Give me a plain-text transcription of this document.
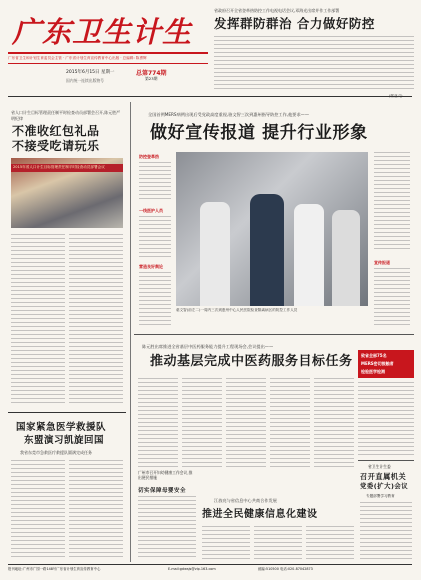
广东卫生计生
广东省卫生和计划生育委员会主管 · 广东省计划生育宣传教育中心出版 · 总编辑: 陈勇辉
2015年6月15日 星期一
国内统一连续出版物号
总第774期
第23期
省政府召开全省登革热防控工作电视电话会议,邓海光出席并作工作部署
发挥群防群治 合力做好防控
省人口计生目标管理责任制平时检查动员部署会召开,陈元胜严明纪律
不准收红包礼品
不接受吃请玩乐
2015年省人口计生目标管理责任制平时检查动员部署会议
国家紧急医学救援队
东盟演习凯旋回国
我省东莞市急救医疗救援队圆满完成任务
全国首例MERS病例出现后受党政高度重视,骆文智三次到惠州指导防控工作,他要求——
做好宣传报道 提升行业形象
防控登革热
一线医护人员
营造良好舆论
骆文智(前左二)一周内三次到惠州中心人民医院检查隔离病区的防控工作人员
宣传报道
陈元胜出席推进全省基层中医药服务能力提升工程现场会,会议提出——
推动基层完成中医药服务目标任务
广州市召开妇幼健康工作会议,推出便民措施
切实保障母婴安全
江放亮与省信息中心共商合作发展
推进全民健康信息化建设
致省全部75名
MERS密切接触者
检验医学检测
省卫生计生委
召开直属机关
党委(扩大)会议
专题部署学习教育
报刊地址:广州市广园一路148号广东省计划生育宣传教育中心	E-mail:gdwsjs@vip.163.com	邮编:510500 电话:020-87042873
